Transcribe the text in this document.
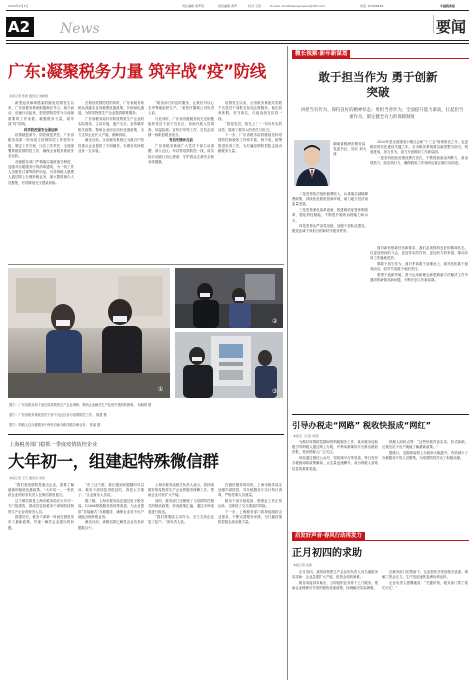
2020年2月3日	责任编辑 黄罗希	视觉编辑 黄罗	校对 王琼	E-mail: shuizhibaoyaowen@163.com	电话: 87636838	中国税务报
A2 News	要闻
广东:凝聚税务力量 筑牢战“疫”防线
本报记者 郑建 通讯员 刘晓明

新型冠状病毒感染的肺炎疫情发生以来，广东省税务系统积极响应号召，闻令而动，迅速行动起来，把疫情防控作为当前最重要的工作来抓，凝聚税务力量，筑牢战“疫”防线。

科学防控保安全保运转

疫情就是命令，防控就是责任。广东省税务局第一时间成立疫情防控工作领导小组，制定工作方案，压实工作责任，全面部署系统疫情防控工作，确保全省税务系统安全运转。

各级税务部门严格落实值班值守制度，加强对办税服务厅的消毒通风，为一线工作人员配发口罩等防护用品，引导纳税人缴费人通过网上办理涉税业务，最大限度减少人员聚集，有效降低交叉感染风险。

在做好疫情防控的同时，广东省税务系统认真落实各项税费优惠政策，开辟绿色通道，为防疫物资生产企业提供精准服务。

广东省税务局针对防疫物资生产企业的实际需求，主动对接，逐户走访，宣传辅导相关政策，帮助企业用足用好优惠政策，全力支持企业扩大产能、保障供给。

截至目前，全省税务系统已为数百户防疫重点企业提供了专项辅导，办理各类涉税业务一万余笔。

“税务部门的及时服务，让我们可以心无旁骛地组织生产。”某医疗器械公司负责人说。

与此同时，广东省各级税务机关还积极组织党员干部下沉社区，协助开展人员排查、体温检测、宣传引导等工作，在抗击疫情一线彰显税务担当。

党员先锋冲在前

广东省税务系统广大党员干部主动请缨，深入社区、车站等疫情防控一线，用实际行动践行初心使命，守护群众生命安全和身体健康。

疫情发生以来，全省税务系统共有数千名党员干部报名参加志愿服务，他们放弃休假，坚守岗位，日夜奋战在抗疫一线。

“我是党员，我先上！”一句句朴实的话语，展现了税务人的责任与担当。

下一步，广东省税务局将继续坚持疫情防控和税收工作两手抓、两不误，统筹推进各项工作，为打赢疫情防控阻击战贡献税务力量。

①
②
③
图①：广东省税务局干部在防疫物资生产企业调研，帮助企业解决生产经营中遇到的困难。 刘晓明 摄
图②：广东省税务系统党员干部下沉社区参与疫情防控工作。 陈建 摄
图③：纳税人在办税服务厅使用自助办税终端办理业务。 张丽 摄
上海税务部门稳抓一季度疫情防控企业
大年初一，组建起特殊微信群
本报记者 王凡 通讯员 刘伟

“我们是疫情防控重点企业，需要了解最新的税收优惠政策。”大年初一，一家医药企业的财务负责人在微信群里留言。

这个微信群是上海市税务局在大年初一专门组建的，群成员包括税务干部和防疫物资生产企业的财务人员。

群建好后，税务干部第一时间在群里发布了最新政策，并逐一解答企业提出的问题。

“有了这个群，我们遇到问题随时可以问，税务干部回复得很及时，真是太方便了。”企业财务人员说。

据了解，上海市税务局还通过电子税务局、12366纳税服务热线等渠道，为企业提供“非接触式”办税服务，确保企业足不出户就能办理涉税业务。

截至目前，该微信群已解答企业各类问题数百个。

上海市税务局相关负责人表示，将持续做好防疫物资生产企业的服务保障工作，帮助企业尽快扩大产能。

同时，税务部门还梳理了与疫情防控相关的税收政策，形成政策汇编，通过多种渠道进行推送。

“我们将继续主动作为，全力支持企业复工复产。”该负责人说。

在做好服务的同时，上海市税务局还加强内部防控，对办税服务厅实行每日消毒，严格控制人员流量。

税务干部分组轮岗，既保证工作正常运转，又降低了交叉感染的风险。

下一步，上海税务部门将持续跟踪企业需求，不断完善服务举措，为打赢疫情防控阻击战贡献力量。

微长视频·新年新谋划
敢于担当作为 勇于创新突破
讲担当有作为、保持良好的精神状态；勇担当善作为，全面提升能力素质，扛起担当重作为，制定健全有力的保障制度
湖南省株洲市税务局党委书记、局长 刘大成

2020年是全面建成小康社会和“十三五”规划收官之年，也是税收现代化建设关键之年。全市税务系统要以新思想为指引，锐意进取，担当作为，奋力开创税收工作新局面。

一是坚持把政治建设摆在首位，不断提高政治判断力、政治领悟力、政治执行力，确保税收工作始终沿着正确方向前进。

二是坚持依法组织税费收入，认真落实减税降费政策，持续优化税收营商环境，助力地方经济高质量发展。

三是坚持深化改革创新，推进税收征管体制改革，强化科技赋能，不断提升税收治理能力和水平。

四是坚持从严治党治税，加强干部队伍建设，锻造忠诚干净担当的新时代税务铁军。

面对新形势新任务新要求，我们必须保持良好的精神状态，以更加昂扬的斗志、更加务实的作风、更加有力的举措，推动各项工作落地见效。

要敢于担当作为，面对矛盾敢于迎难而上，面对危机敢于挺身而出，面对失误敢于承担责任。

要勇于创新突破，善于运用新理念新思路新方法解决工作中遇到的新情况新问题，不断开创工作新局面。

引导办税走“网路” 税收快报成“网红”
本报讯（记者 刘涛）

为做好疫情防控期间的纳税服务工作，某市税务局积极引导纳税人通过网上办税，并利用新媒体平台推出税收快报，受到纳税人广泛关注。

该局通过微信公众号、短视频平台等渠道，每日发布办税指南和政策解读，点击量迅速攀升，成为纳税人获取信息的重要渠道。

纳税人纷纷点赞：“这些快报内容实用、形式新颖，让我们足不出户就能了解最新政策。”

据统计，近期该局网上办税率大幅提升，有效减少了办税服务厅的人员聚集，为疫情防控作出了积极贡献。

启发好声音·春风行动再发力
正月初四的求助
本报记者 张新

正月初四，某防疫物资生产企业的负责人向当地税务局求助：企业急需扩大产能，但资金周转困难。

税务局接到求助后，立即组织业务骨干上门服务，帮助企业梳理可享受的税收优惠政策，协调解决实际困难。

在税务部门的帮助下，企业很快享受到相关优惠，缓解了资金压力，生产线迅速恢复满负荷运转。

企业负责人感慨地说：“关键时刻，税务部门帮了我们大忙！”
